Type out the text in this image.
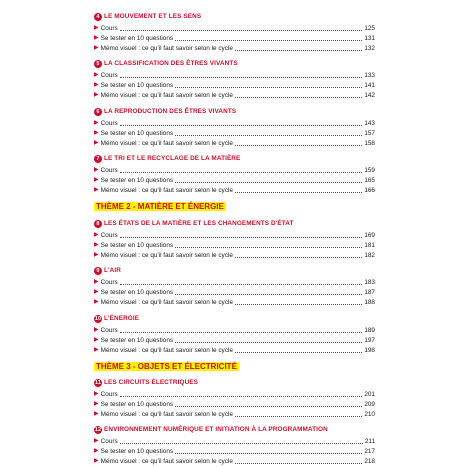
4 LE MOUVEMENT ET LES SENS
▶ Cours	125
▶ Se tester en 10 questions	131
▶ Mémo visuel : ce qu'il faut savoir selon le cycle	132
5 LA CLASSIFICATION DES ÊTRES VIVANTS
▶ Cours	133
▶ Se tester en 10 questions	141
▶ Mémo visuel : ce qu'il faut savoir selon le cycle	142
6 LA REPRODUCTION DES ÊTRES VIVANTS
▶ Cours	143
▶ Se tester en 10 questions	157
▶ Mémo visuel : ce qu'il faut savoir selon le cycle	158
7 LE TRI ET LE RECYCLAGE DE LA MATIÈRE
▶ Cours	159
▶ Se tester en 10 questions	165
▶ Mémo visuel : ce qu'il faut savoir selon le cycle	166
THÈME 2 - MATIÈRE ET ÉNERGIE
8 LES ÉTATS DE LA MATIÈRE ET LES CHANGEMENTS D'ÉTAT
▶ Cours	169
▶ Se tester en 10 questions	181
▶ Mémo visuel : ce qu'il faut savoir selon le cycle	182
9 L'AIR
▶ Cours	183
▶ Se tester en 10 questions	187
▶ Mémo visuel : ce qu'il faut savoir selon le cycle	188
10 L'ÉNERGIE
▶ Cours	189
▶ Se tester en 10 questions	197
▶ Mémo visuel : ce qu'il faut savoir selon le cycle	198
THÈME 3 - OBJETS ET ÉLECTRICITÉ
11 LES CIRCUITS ÉLECTRIQUES
▶ Cours	201
▶ Se tester en 10 questions	209
▶ Mémo visuel : ce qu'il faut savoir selon le cycle	210
12 ENVIRONNEMENT NUMÉRIQUE ET INITIATION À LA PROGRAMMATION
▶ Cours	211
▶ Se tester en 10 questions	217
▶ Mémo visuel : ce qu'il faut savoir selon le cycle	218
